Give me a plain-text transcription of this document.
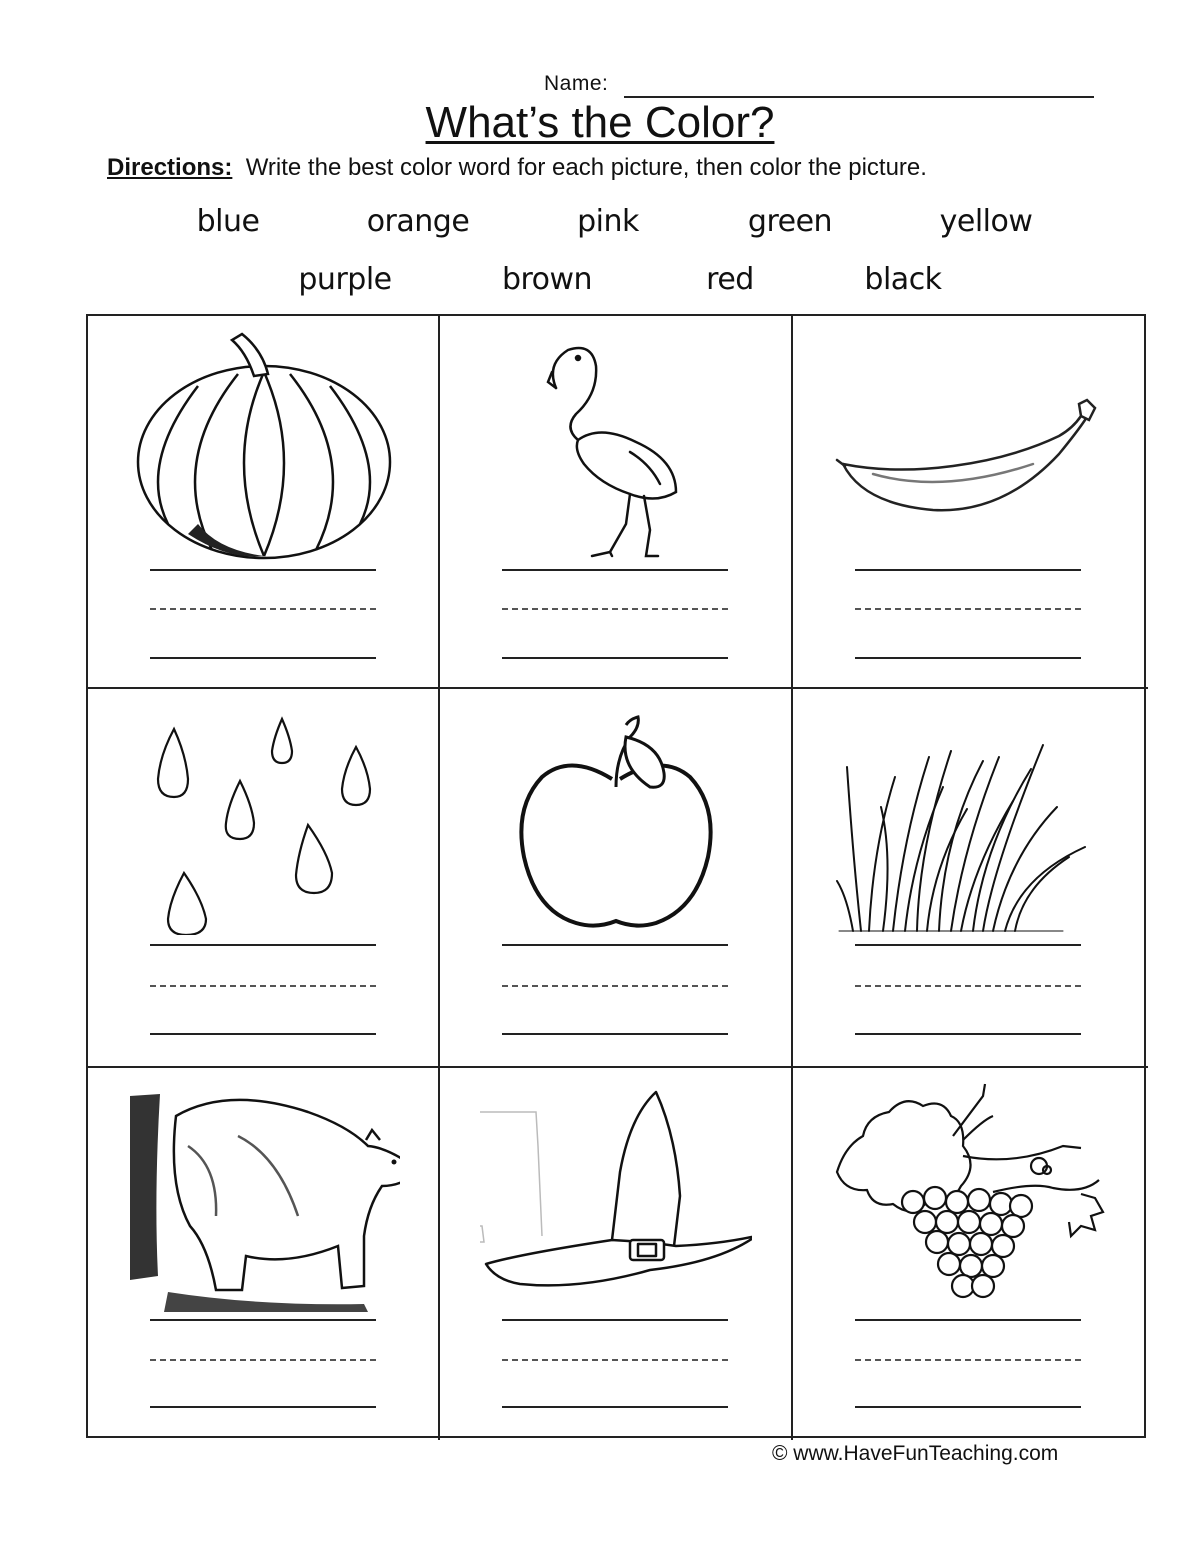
Name:
What’s the Color?
Directions: Write the best color word for each picture, then color the picture.
blue	orange	pink	green	yellow
purple	brown	red	black
© www.HaveFunTeaching.com
